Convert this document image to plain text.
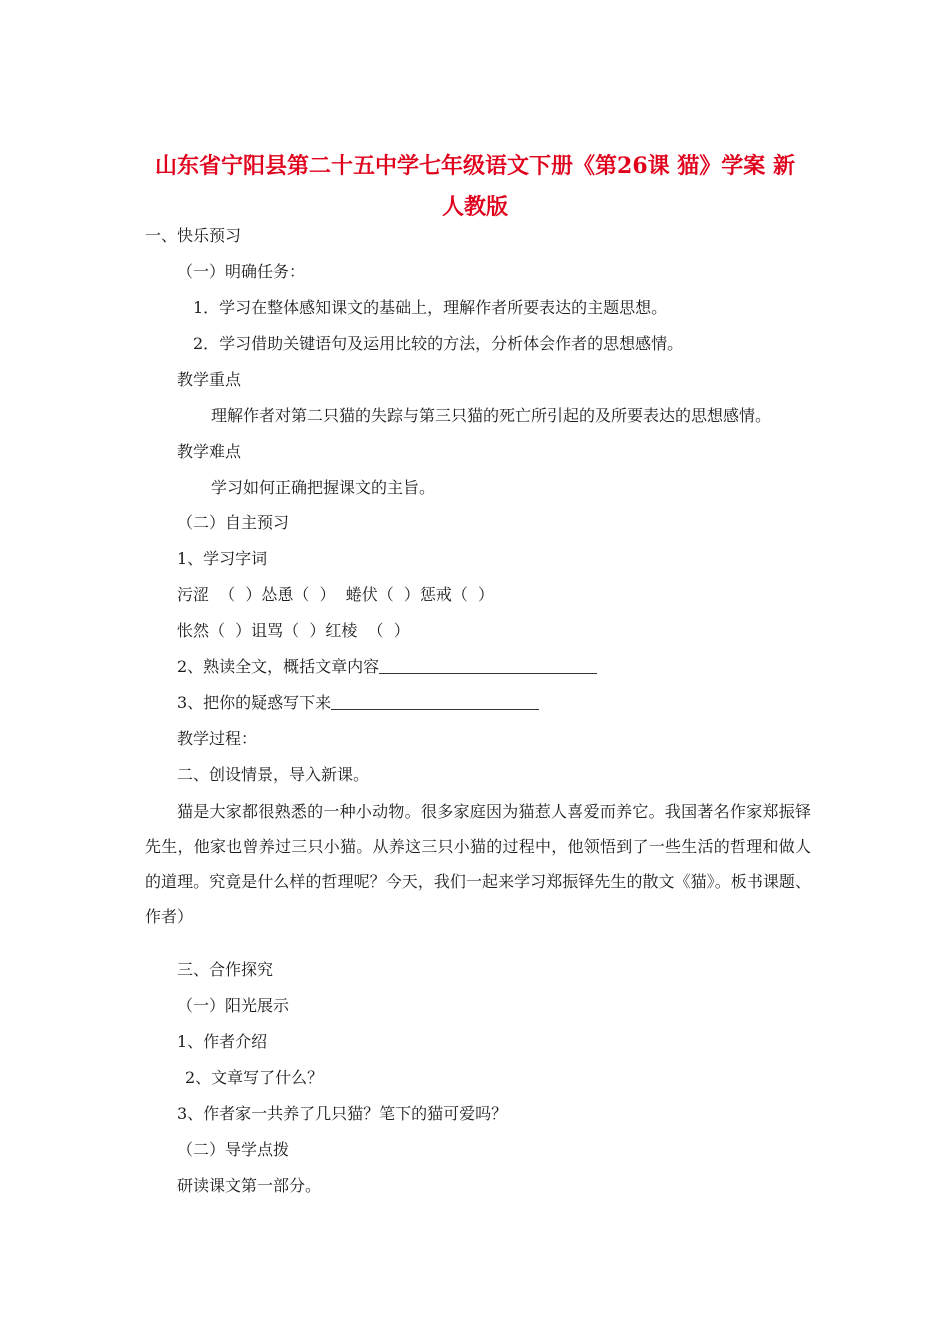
山东省宁阳县第二十五中学七年级语文下册《第26课 猫》学案 新
人教版
一、快乐预习
（一）明确任务：
1．学习在整体感知课文的基础上，理解作者所要表达的主题思想。
2．学习借助关键语句及运用比较的方法，分析体会作者的思想感情。
教学重点
理解作者对第二只猫的失踪与第三只猫的死亡所引起的及所要表达的思想感情。
教学难点
学习如何正确把握课文的主旨。
（二）自主预习
1、学习字词
污涩  （  ）怂恿（  ）  蜷伏（  ）惩戒（  ）
怅然（  ）诅骂（  ）红棱  （  ）
2、熟读全文，概括文章内容
3、把你的疑惑写下来
教学过程：
二、创设情景，导入新课。
猫是大家都很熟悉的一种小动物。很多家庭因为猫惹人喜爱而养它。我国著名作家郑振铎先生，他家也曾养过三只小猫。从养这三只小猫的过程中，他领悟到了一些生活的哲理和做人的道理。究竟是什么样的哲理呢？今天，我们一起来学习郑振铎先生的散文《猫》。板书课题、作者）
三、合作探究
（一）阳光展示
1、作者介绍
2、文章写了什么？
3、作者家一共养了几只猫？笔下的猫可爱吗？
（二）导学点拨
研读课文第一部分。
